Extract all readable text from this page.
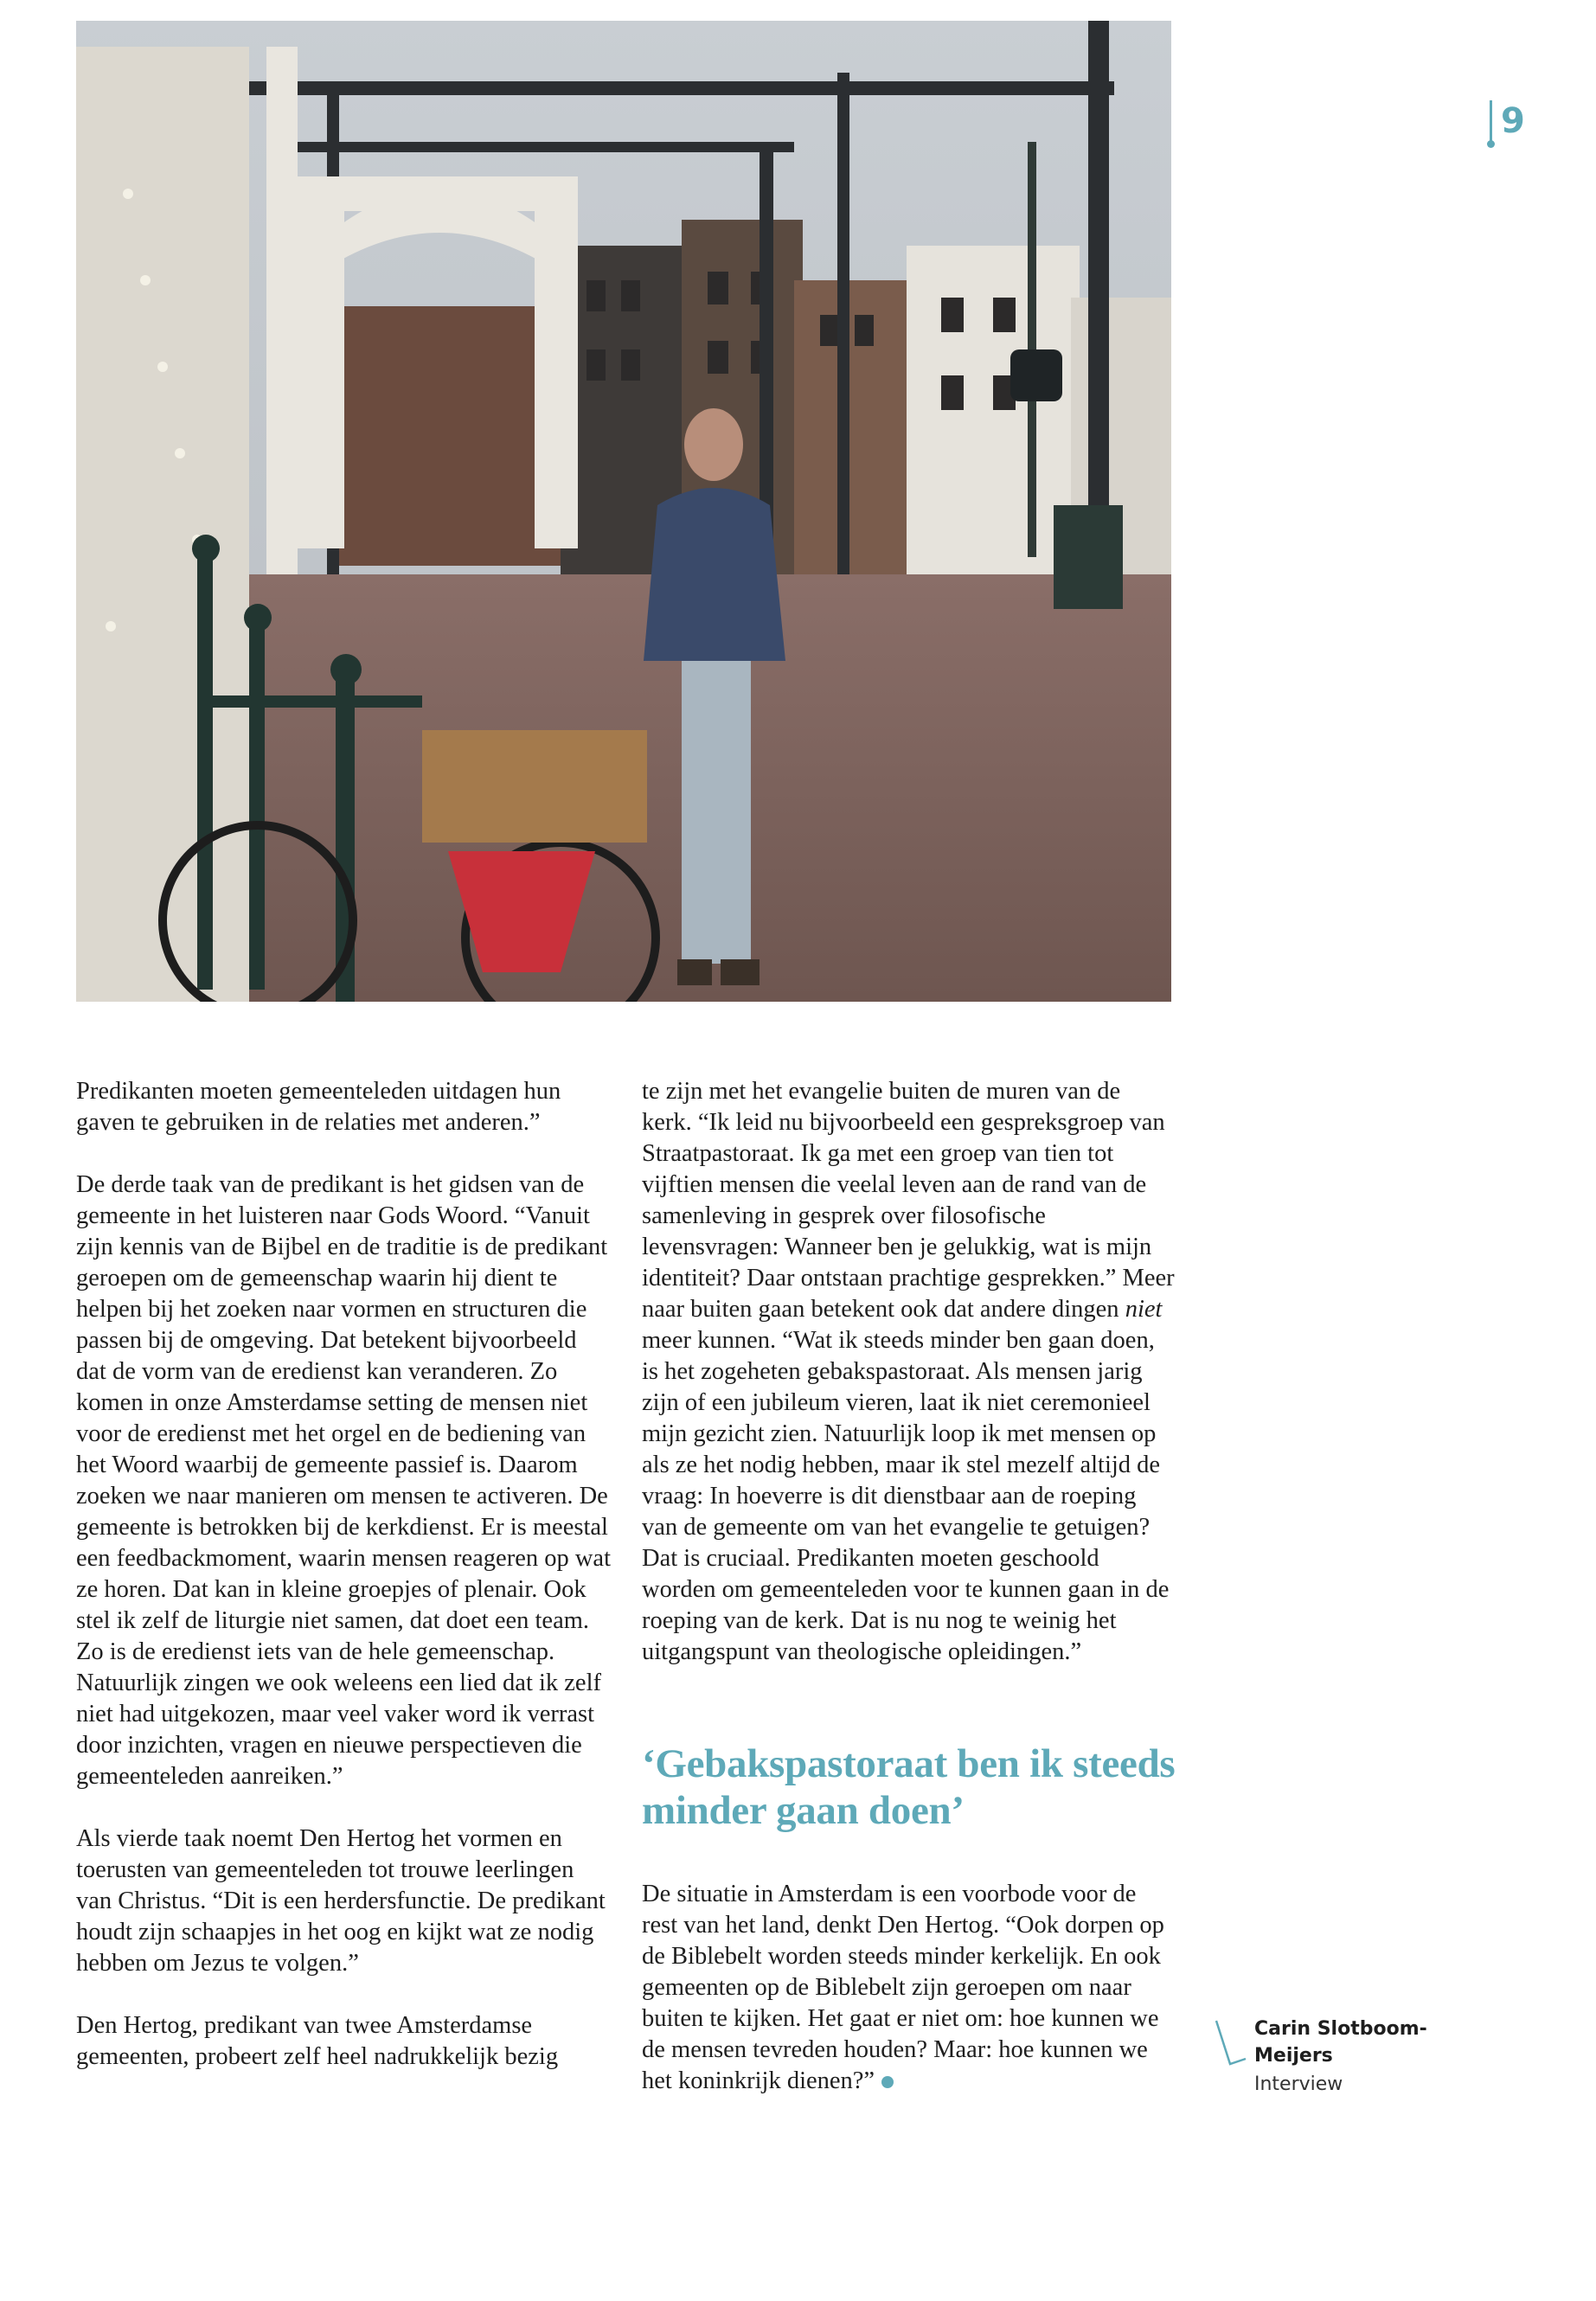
9

Predikanten moeten gemeenteleden uitdagen hun gaven te gebruiken in de relaties met anderen.”

De derde taak van de predikant is het gidsen van de gemeente in het luisteren naar Gods Woord. “Vanuit zijn kennis van de Bijbel en de traditie is de predikant geroepen om de gemeenschap waarin hij dient te helpen bij het zoeken naar vormen en structuren die passen bij de omgeving. Dat betekent bijvoorbeeld dat de vorm van de eredienst kan veranderen. Zo komen in onze Amsterdamse setting de mensen niet voor de eredienst met het orgel en de bediening van het Woord waarbij de gemeente passief is. Daarom zoeken we naar manieren om mensen te activeren. De gemeente is betrokken bij de kerkdienst. Er is meestal een feedbackmoment, waarin mensen reageren op wat ze horen. Dat kan in kleine groepjes of plenair. Ook stel ik zelf de liturgie niet samen, dat doet een team. Zo is de eredienst iets van de hele gemeenschap. Natuurlijk zingen we ook weleens een lied dat ik zelf niet had uitgekozen, maar veel vaker word ik verrast door inzichten, vragen en nieuwe perspectieven die gemeenteleden aanreiken.”

Als vierde taak noemt Den Hertog het vormen en toerusten van gemeenteleden tot trouwe leerlingen van Christus. “Dit is een herdersfunctie. De predikant houdt zijn schaapjes in het oog en kijkt wat ze nodig hebben om Jezus te volgen.”

Den Hertog, predikant van twee Amsterdamse gemeenten, probeert zelf heel nadrukkelijk bezig

te zijn met het evangelie buiten de muren van de kerk. “Ik leid nu bijvoorbeeld een gespreksgroep van Straatpastoraat. Ik ga met een groep van tien tot vijftien mensen die veelal leven aan de rand van de samenleving in gesprek over filosofische levensvragen: Wanneer ben je gelukkig, wat is mijn identiteit? Daar ontstaan prachtige gesprekken.” Meer naar buiten gaan betekent ook dat andere dingen niet meer kunnen. “Wat ik steeds minder ben gaan doen, is het zogeheten gebakspastoraat. Als mensen jarig zijn of een jubileum vieren, laat ik niet ceremonieel mijn gezicht zien. Natuurlijk loop ik met mensen op als ze het nodig hebben, maar ik stel mezelf altijd de vraag: In hoeverre is dit dienstbaar aan de roeping van de gemeente om van het evangelie te getuigen? Dat is cruciaal. Predikanten moeten geschoold worden om gemeenteleden voor te kunnen gaan in de roeping van de kerk. Dat is nu nog te weinig het uitgangspunt van theologische opleidingen.”

‘Gebakspastoraat ben ik steeds minder gaan doen’

De situatie in Amsterdam is een voorbode voor de rest van het land, denkt Den Hertog. “Ook dorpen op de Biblebelt worden steeds minder kerkelijk. En ook gemeenten op de Biblebelt zijn geroepen om naar buiten te kijken. Het gaat er niet om: hoe kunnen we de mensen tevreden houden? Maar: hoe kunnen we het koninkrijk dienen?”

Carin Slotboom-Meijers
Interview
